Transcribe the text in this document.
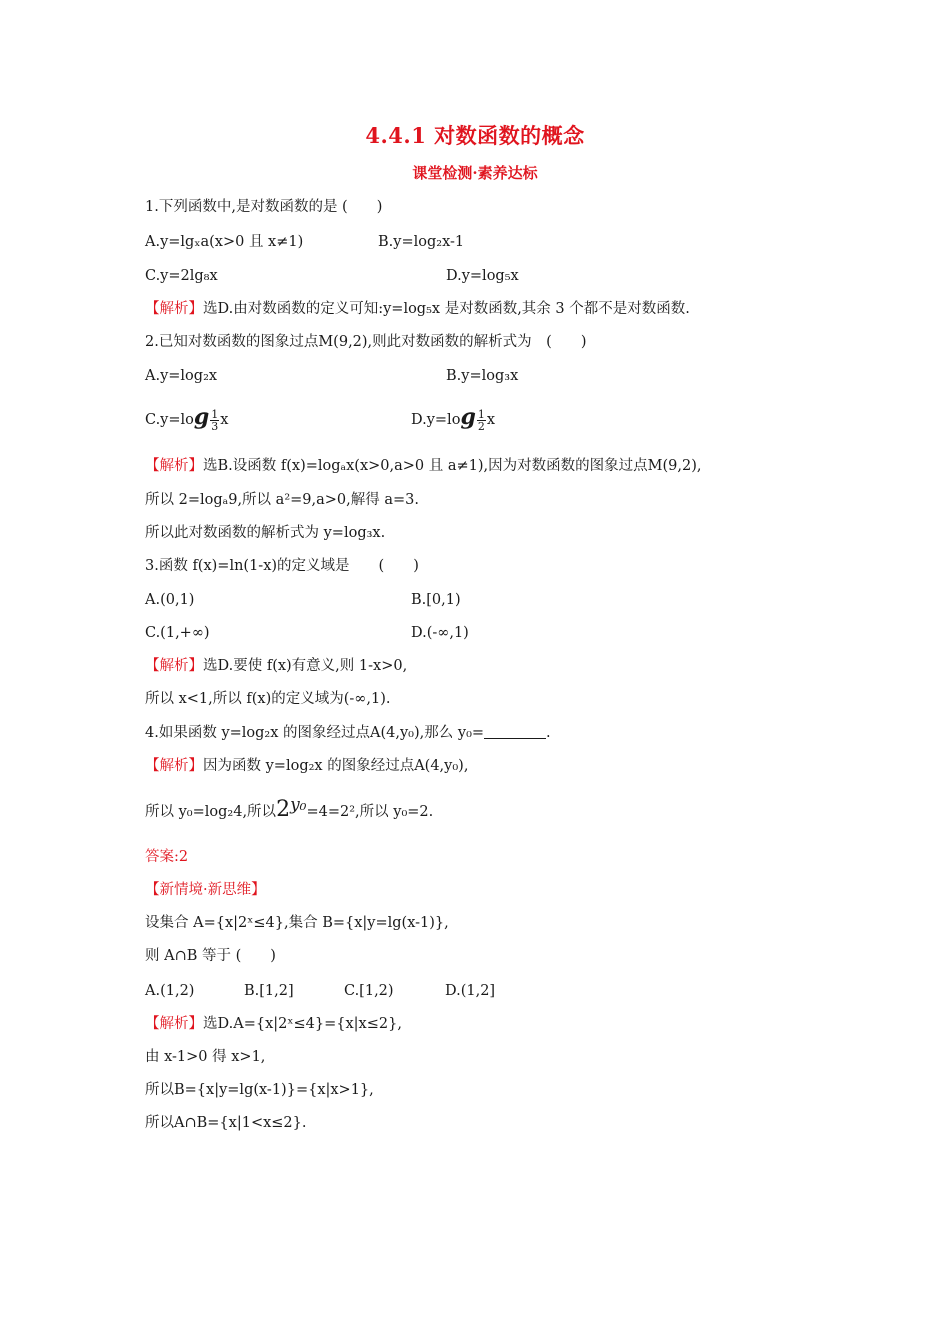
4.4.1 对数函数的概念
课堂检测·素养达标
1.下列函数中,是对数函数的是 (　　)
A.y=lgₓa(x>0 且 x≠1)	B.y=log₂x-1
C.y=2lg₈x	D.y=log₅x
【解析】选D.由对数函数的定义可知:y=log₅x 是对数函数,其余 3 个都不是对数函数.
2.已知对数函数的图象过点M(9,2),则此对数函数的解析式为　(　　)
A.y=log₂x	B.y=log₃x
$C.y=\log \frac{1}{3}$ x	$D.y=\log \frac{1}{2}$ x
【解析】选B.设函数 f(x)=logₐx(x>0,a>0 且 a≠1),因为对数函数的图象过点M(9,2),
所以 2=logₐ9,所以 a²=9,a>0,解得 a=3.
所以此对数函数的解析式为 y=log₃x.
3.函数 f(x)=ln(1-x)的定义域是　　(　　)
A.(0,1)	B.[0,1)
C.(1,+∞)	D.(-∞,1)
【解析】选D.要使 f(x)有意义,则 1-x>0,
所以 x<1,所以 f(x)的定义域为(-∞,1).
4.如果函数 y=log₂x 的图象经过点A(4,y₀),那么 y₀=	.
【解析】因为函数 y=log₂x 的图象经过点A(4,y₀),
所以 y₀=log₂4,所以$2^{y_0}=4=2^2$,所以 y₀=2.
答案:2
【新情境·新思维】
设集合 A={x|2ˣ≤4},集合 B={x|y=lg(x-1)},
则 A∩B 等于 (　　)
A.(1,2)	B.[1,2]	C.[1,2)	D.(1,2]
【解析】选D.A={x|2ˣ≤4}={x|x≤2},
由 x-1>0 得 x>1,
所以B={x|y=lg(x-1)}={x|x>1},
所以A∩B={x|1<x≤2}.
